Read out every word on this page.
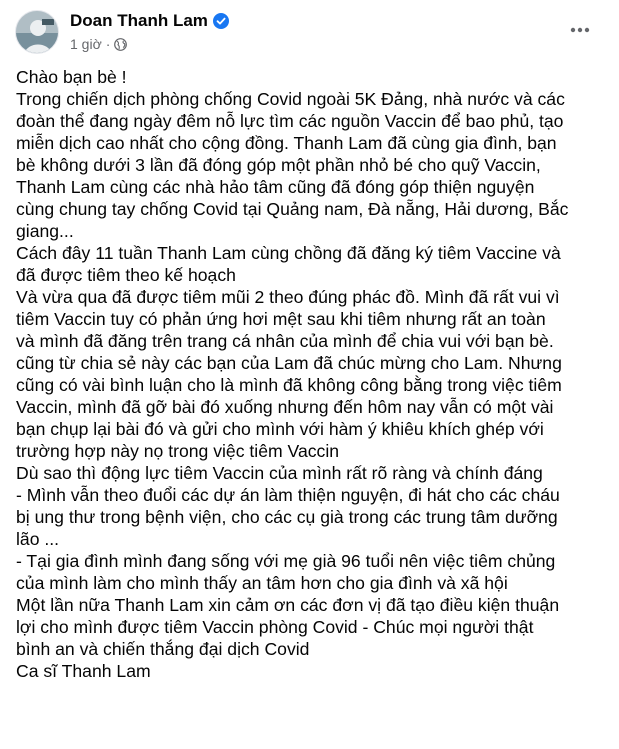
Doan Thanh Lam
1 giờ ·
Chào bạn bè !
Trong chiến dịch phòng chống Covid ngoài 5K Đảng, nhà nước và các
đoàn thể đang ngày đêm nỗ lực tìm các nguồn Vaccin để bao phủ, tạo
miễn dịch cao nhất cho cộng đồng. Thanh Lam đã cùng gia đình, bạn
bè không dưới 3 lần đã đóng góp một phần nhỏ bé cho quỹ Vaccin,
Thanh Lam cùng các nhà hảo tâm cũng đã đóng góp thiện nguyện
cùng chung tay chống Covid tại Quảng nam, Đà nẵng, Hải dương, Bắc
giang...
Cách đây 11 tuần Thanh Lam cùng chồng đã đăng ký tiêm Vaccine và
đã được tiêm theo kế hoạch
Và vừa qua đã được tiêm mũi 2 theo đúng phác đồ. Mình đã rất vui vì
tiêm Vaccin tuy có phản ứng hơi mệt sau khi tiêm nhưng rất an toàn
và mình đã đăng trên trang cá nhân của mình để chia vui với bạn bè.
cũng từ chia sẻ này các bạn của Lam đã chúc mừng cho Lam. Nhưng
cũng có vài bình luận cho là mình đã không công bằng trong việc tiêm
Vaccin, mình đã gỡ bài đó xuống nhưng đến hôm nay vẫn có một vài
bạn chụp lại bài đó và gửi cho mình với hàm ý khiêu khích ghép với
trường hợp này nọ trong việc tiêm Vaccin
Dù sao thì động lực tiêm Vaccin của mình rất rõ ràng và chính đáng
- Mình vẫn theo đuổi các dự án làm thiện nguyện, đi hát cho các cháu
bị ung thư trong bệnh viện, cho các cụ già trong các trung tâm dưỡng
lão ...
- Tại gia đình mình đang sống với mẹ già 96 tuổi nên việc tiêm chủng
của mình làm cho mình thấy an tâm hơn cho gia đình và xã hội
Một lần nữa Thanh Lam xin cảm ơn các đơn vị đã tạo điều kiện thuận
lợi cho mình được tiêm Vaccin phòng Covid - Chúc mọi người thật
bình an và chiến thắng đại dịch Covid
Ca sĩ Thanh Lam
